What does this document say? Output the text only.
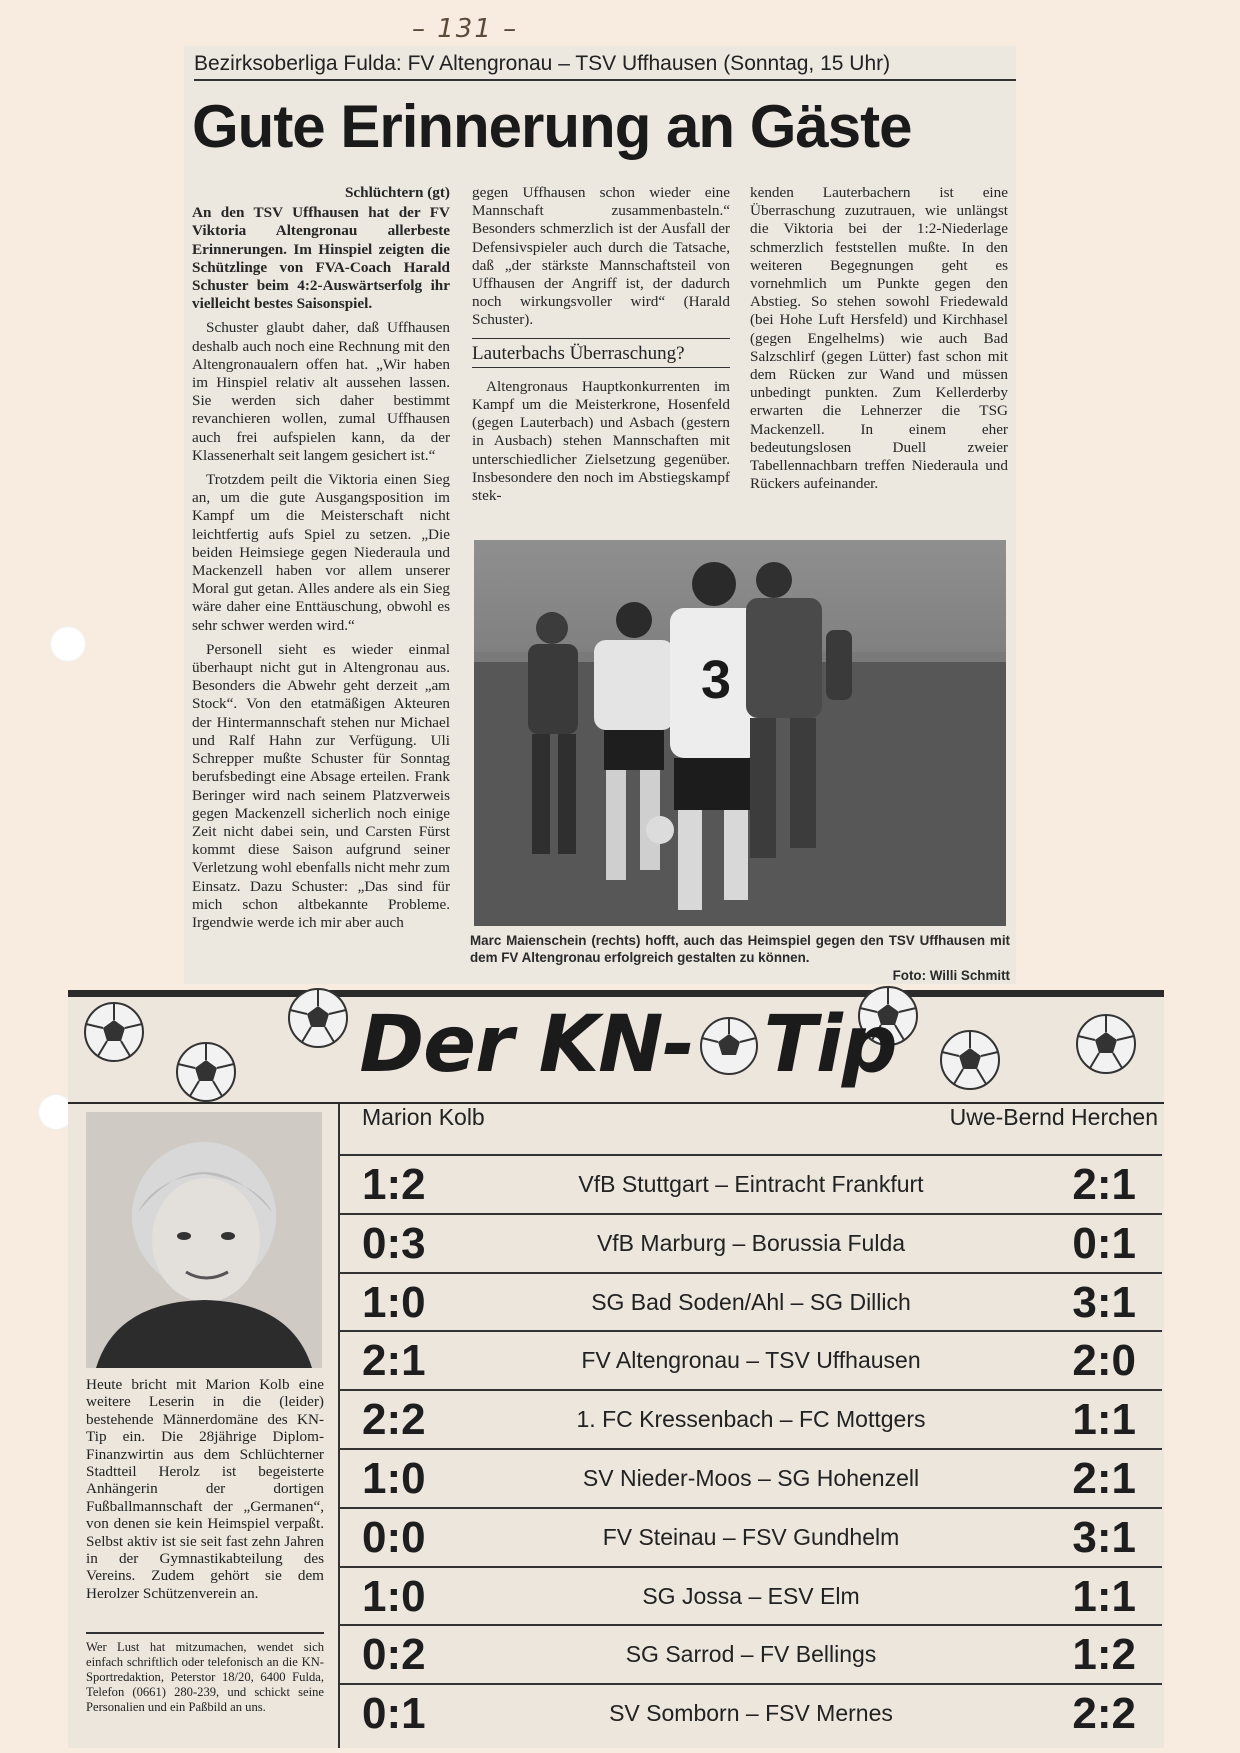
– 131 –
Bezirksoberliga Fulda: FV Altengronau – TSV Uffhausen (Sonntag, 15 Uhr)
Gute Erinnerung an Gäste
Schlüchtern (gt)

An den TSV Uffhausen hat der FV Viktoria Altengronau allerbeste Erinnerungen. Im Hinspiel zeigten die Schützlinge von FVA-Coach Harald Schuster beim 4:2-Auswärtserfolg ihr vielleicht bestes Saisonspiel.

Schuster glaubt daher, daß Uffhausen deshalb auch noch eine Rechnung mit den Altengronaualern offen hat. „Wir haben im Hinspiel relativ alt aussehen lassen. Sie werden sich daher bestimmt revanchieren wollen, zumal Uffhausen auch frei aufspielen kann, da der Klassenerhalt seit langem gesichert ist.“

Trotzdem peilt die Viktoria einen Sieg an, um die gute Ausgangsposition im Kampf um die Meisterschaft nicht leichtfertig aufs Spiel zu setzen. „Die beiden Heimsiege gegen Niederaula und Mackenzell haben vor allem unserer Moral gut getan. Alles andere als ein Sieg wäre daher eine Enttäuschung, obwohl es sehr schwer werden wird.“

Personell sieht es wieder einmal überhaupt nicht gut in Altengronau aus. Besonders die Abwehr geht derzeit „am Stock“. Von den etatmäßigen Akteuren der Hintermannschaft stehen nur Michael und Ralf Hahn zur Verfügung. Uli Schrepper mußte Schuster für Sonntag berufsbedingt eine Absage erteilen. Frank Beringer wird nach seinem Platzverweis gegen Mackenzell sicherlich noch einige Zeit nicht dabei sein, und Carsten Fürst kommt diese Saison aufgrund seiner Verletzung wohl ebenfalls nicht mehr zum Einsatz. Dazu Schuster: „Das sind für mich schon altbekannte Probleme. Irgendwie werde ich mir aber auch

gegen Uffhausen schon wieder eine Mannschaft zusammenbasteln.“ Besonders schmerzlich ist der Ausfall der Defensivspieler auch durch die Tatsache, daß „der stärkste Mannschaftsteil von Uffhausen der Angriff ist, der dadurch noch wirkungsvoller wird“ (Harald Schuster).

Lauterbachs Überraschung?

Altengronaus Hauptkonkurrenten im Kampf um die Meisterkrone, Hosenfeld (gegen Lauterbach) und Asbach (gestern in Ausbach) stehen Mannschaften mit unterschiedlicher Zielsetzung gegenüber. Insbesondere den noch im Abstiegskampf stek-

kenden Lauterbachern ist eine Überraschung zuzutrauen, wie unlängst die Viktoria bei der 1:2-Niederlage schmerzlich feststellen mußte. In den weiteren Begegnungen geht es vornehmlich um Punkte gegen den Abstieg. So stehen sowohl Friedewald (bei Hohe Luft Hersfeld) und Kirchhasel (gegen Engelhelms) wie auch Bad Salzschlirf (gegen Lütter) fast schon mit dem Rücken zur Wand und müssen unbedingt punkten. Zum Kellerderby erwarten die Lehnerzer die TSG Mackenzell. In einem eher bedeutungslosen Duell zweier Tabellennachbarn treffen Niederaula und Rückers aufeinander.

3
Marc Maienschein (rechts) hofft, auch das Heimspiel gegen den TSV Uffhausen mit dem FV Altengronau erfolgreich gestalten zu können.
Foto: Willi Schmitt
Der KN- Tip
Heute bricht mit Marion Kolb eine weitere Leserin in die (leider) bestehende Männerdomäne des KN-Tip ein. Die 28jährige Diplom-Finanzwirtin aus dem Schlüchterner Stadtteil Herolz ist begeisterte Anhängerin der dortigen Fußballmannschaft der „Germanen“, von denen sie kein Heimspiel verpaßt. Selbst aktiv ist sie seit fast zehn Jahren in der Gymnastikabteilung des Vereins. Zudem gehört sie dem Herolzer Schützenverein an.
Wer Lust hat mitzumachen, wendet sich einfach schriftlich oder telefonisch an die KN-Sportredaktion, Peterstor 18/20, 6400 Fulda, Telefon (0661) 280-239, und schickt seine Personalien und ein Paßbild an uns.
Marion Kolb	Uwe-Bernd Herchen
1:2	VfB Stuttgart – Eintracht Frankfurt	2:1
0:3	VfB Marburg – Borussia Fulda	0:1
1:0	SG Bad Soden/Ahl – SG Dillich	3:1
2:1	FV Altengronau – TSV Uffhausen	2:0
2:2	1. FC Kressenbach – FC Mottgers	1:1
1:0	SV Nieder-Moos – SG Hohenzell	2:1
0:0	FV Steinau – FSV Gundhelm	3:1
1:0	SG Jossa – ESV Elm	1:1
0:2	SG Sarrod – FV Bellings	1:2
0:1	SV Somborn – FSV Mernes	2:2
